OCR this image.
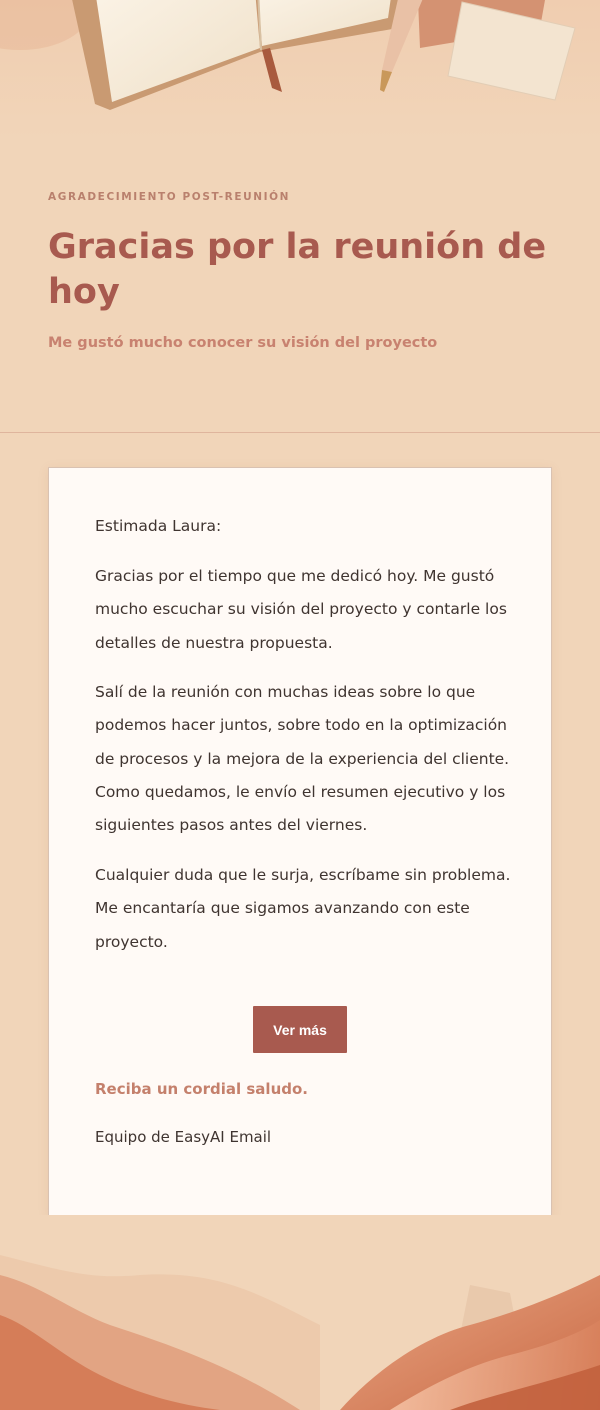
AGRADECIMIENTO POST-REUNIÓN
Gracias por la reunión de hoy
Me gustó mucho conocer su visión del proyecto

Estimada Laura:

Gracias por el tiempo que me dedicó hoy. Me gustó mucho escuchar su visión del proyecto y contarle los detalles de nuestra propuesta.

Salí de la reunión con muchas ideas sobre lo que podemos hacer juntos, sobre todo en la optimización de procesos y la mejora de la experiencia del cliente. Como quedamos, le envío el resumen ejecutivo y los siguientes pasos antes del viernes.

Cualquier duda que le surja, escríbame sin problema. Me encantaría que sigamos avanzando con este proyecto.

Ver más
Reciba un cordial saludo.
Equipo de EasyAI Email
